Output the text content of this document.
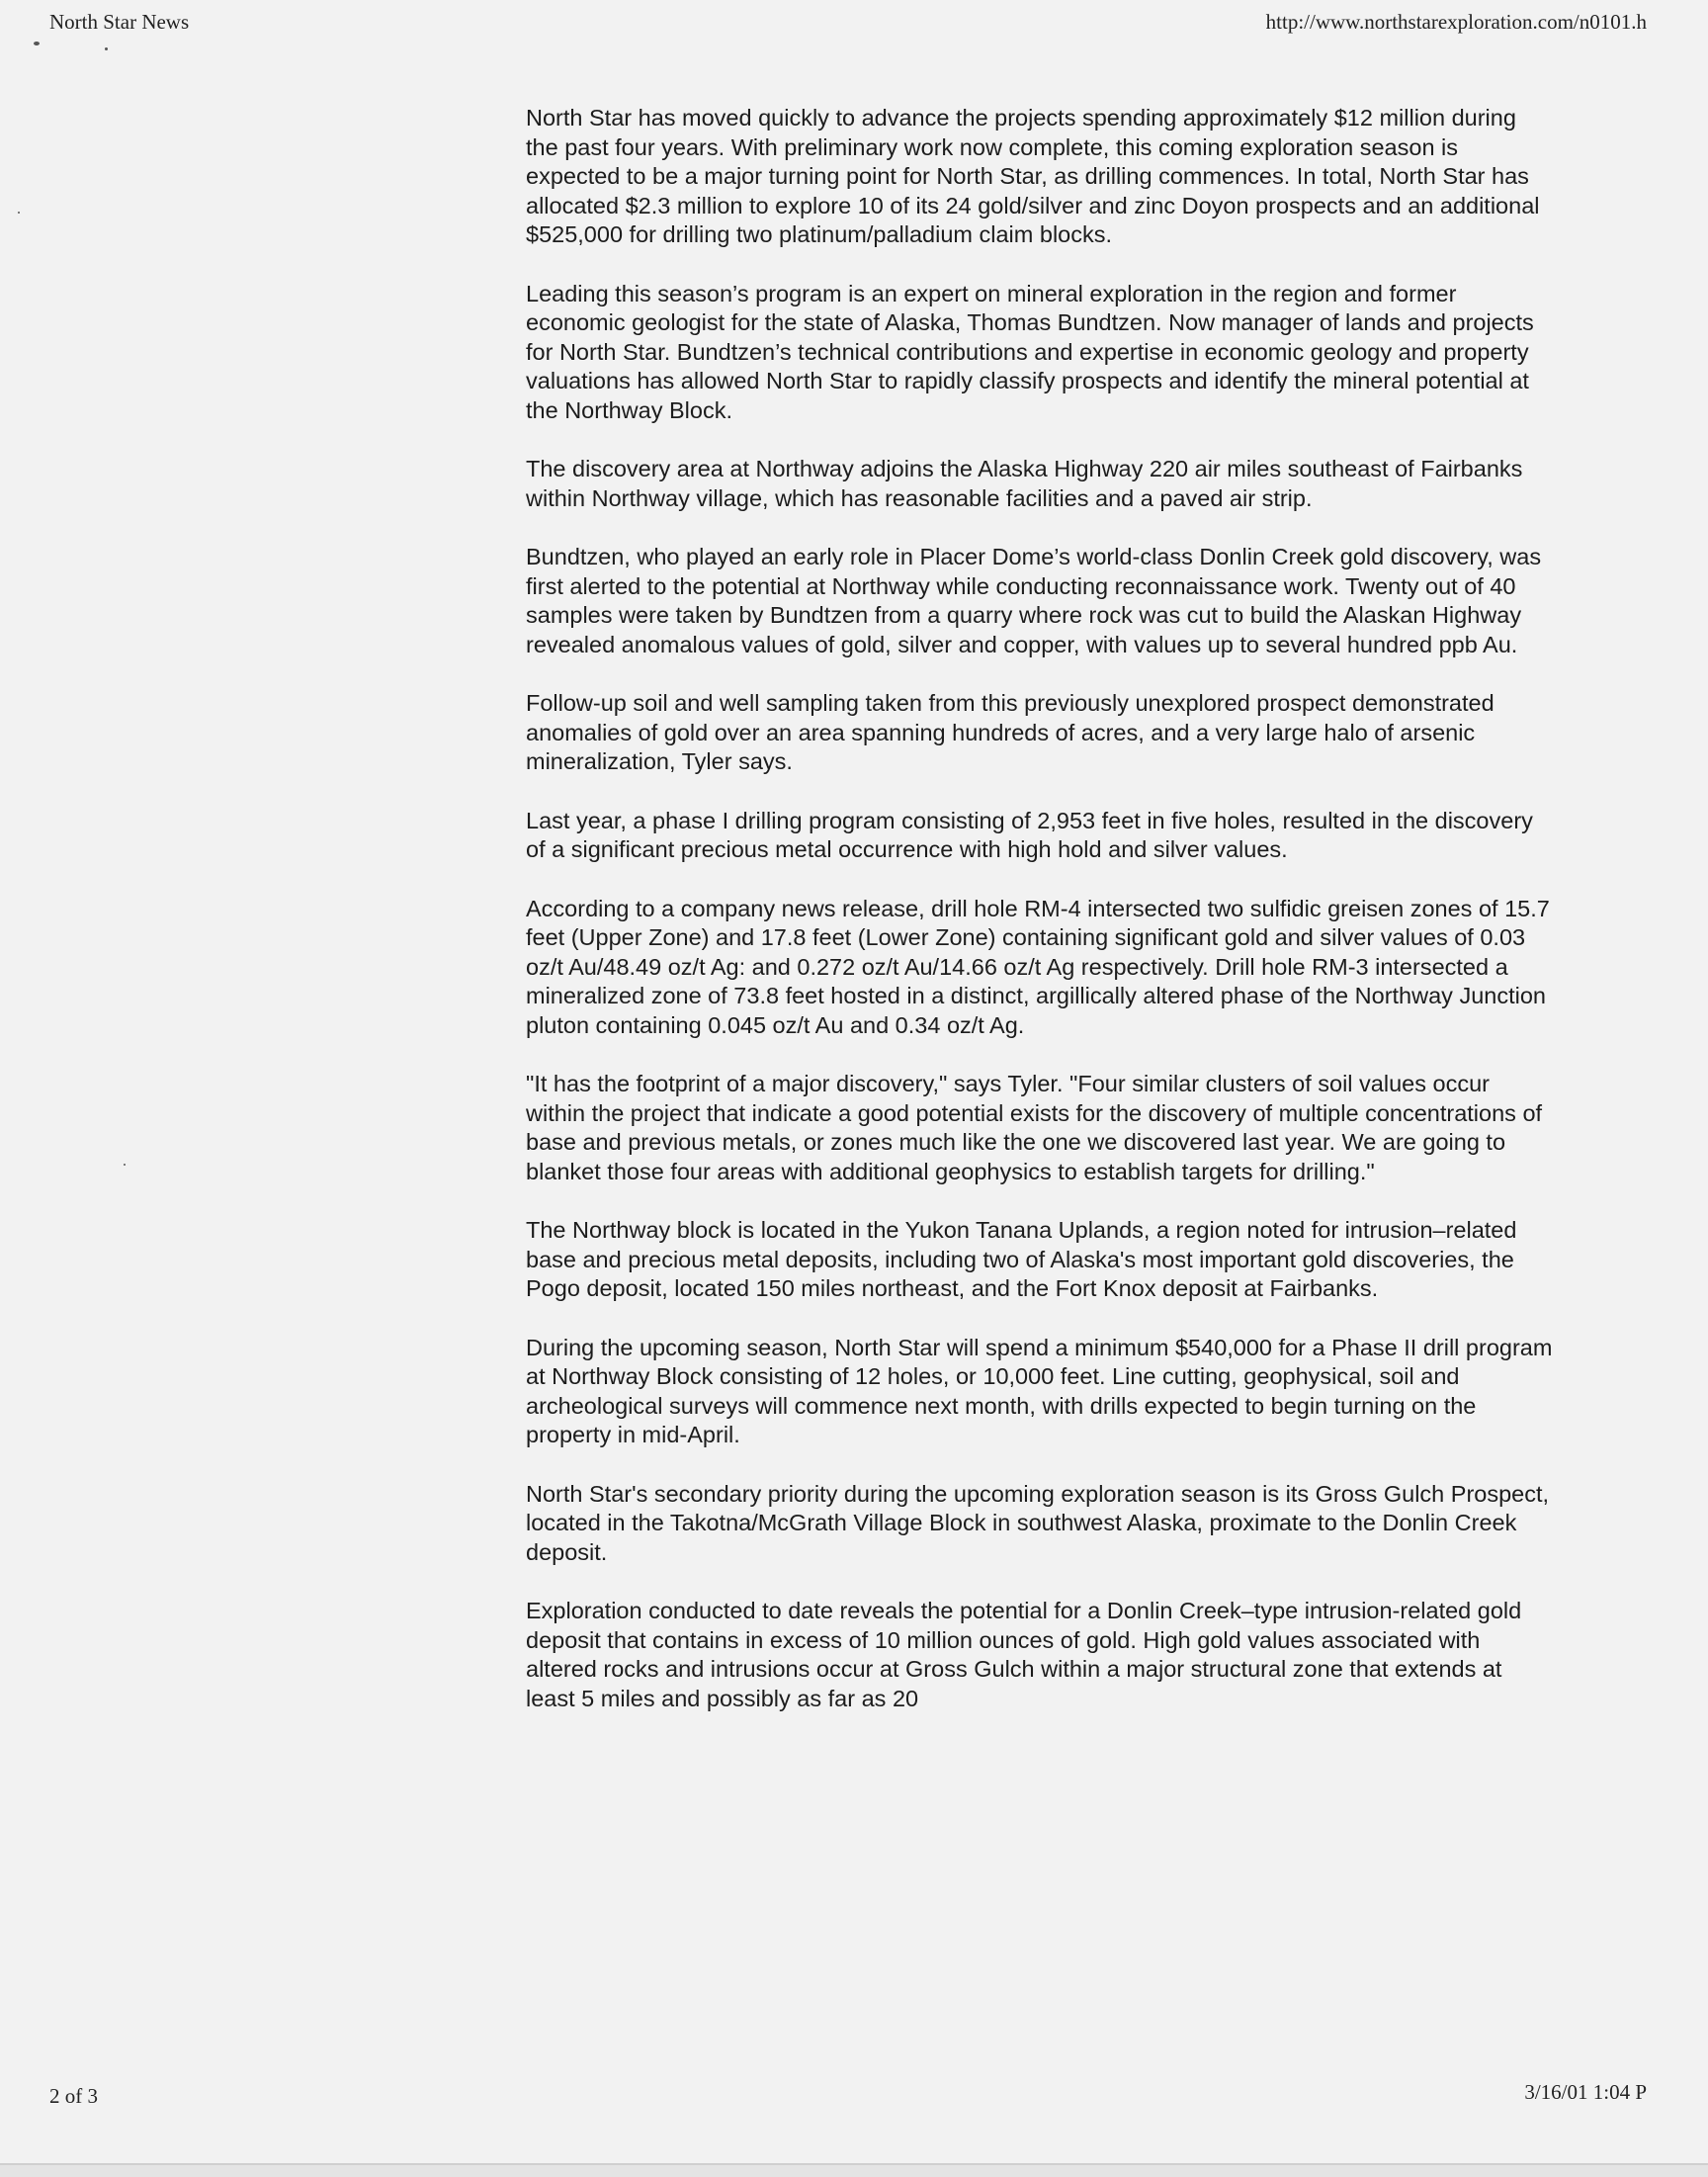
North Star News	http://www.northstarexploration.com/n0101.h

North Star has moved quickly to advance the projects spending approximately $12 million during the past four years. With preliminary work now complete, this coming exploration season is expected to be a major turning point for North Star, as drilling commences. In total, North Star has allocated $2.3 million to explore 10 of its 24 gold/silver and zinc Doyon prospects and an additional $525,000 for drilling two platinum/palladium claim blocks.

Leading this season’s program is an expert on mineral exploration in the region and former economic geologist for the state of Alaska, Thomas Bundtzen. Now manager of lands and projects for North Star. Bundtzen’s technical contributions and expertise in economic geology and property valuations has allowed North Star to rapidly classify prospects and identify the mineral potential at the Northway Block.

The discovery area at Northway adjoins the Alaska Highway 220 air miles southeast of Fairbanks within Northway village, which has reasonable facilities and a paved air strip.

Bundtzen, who played an early role in Placer Dome’s world-class Donlin Creek gold discovery, was first alerted to the potential at Northway while conducting reconnaissance work. Twenty out of 40 samples were taken by Bundtzen from a quarry where rock was cut to build the Alaskan Highway revealed anomalous values of gold, silver and copper, with values up to several hundred ppb Au.

Follow-up soil and well sampling taken from this previously unexplored prospect demonstrated anomalies of gold over an area spanning hundreds of acres, and a very large halo of arsenic mineralization, Tyler says.

Last year, a phase I drilling program consisting of 2,953 feet in five holes, resulted in the discovery of a significant precious metal occurrence with high hold and silver values.

According to a company news release, drill hole RM-4 intersected two sulfidic greisen zones of 15.7 feet (Upper Zone) and 17.8 feet (Lower Zone) containing significant gold and silver values of 0.03 oz/t Au/48.49 oz/t Ag: and 0.272 oz/t Au/14.66 oz/t Ag respectively. Drill hole RM-3 intersected a mineralized zone of 73.8 feet hosted in a distinct, argillically altered phase of the Northway Junction pluton containing 0.045 oz/t Au and 0.34 oz/t Ag.

"It has the footprint of a major discovery," says Tyler. "Four similar clusters of soil values occur within the project that indicate a good potential exists for the discovery of multiple concentrations of base and previous metals, or zones much like the one we discovered last year. We are going to blanket those four areas with additional geophysics to establish targets for drilling."

The Northway block is located in the Yukon Tanana Uplands, a region noted for intrusion–related base and precious metal deposits, including two of Alaska's most important gold discoveries, the Pogo deposit, located 150 miles northeast, and the Fort Knox deposit at Fairbanks.

During the upcoming season, North Star will spend a minimum $540,000 for a Phase II drill program at Northway Block consisting of 12 holes, or 10,000 feet. Line cutting, geophysical, soil and archeological surveys will commence next month, with drills expected to begin turning on the property in mid-April.

North Star's secondary priority during the upcoming exploration season is its Gross Gulch Prospect, located in the Takotna/McGrath Village Block in southwest Alaska, proximate to the Donlin Creek deposit.

Exploration conducted to date reveals the potential for a Donlin Creek–type intrusion-related gold deposit that contains in excess of 10 million ounces of gold. High gold values associated with altered rocks and intrusions occur at Gross Gulch within a major structural zone that extends at least 5 miles and possibly as far as 20

2 of 3	3/16/01 1:04 P
